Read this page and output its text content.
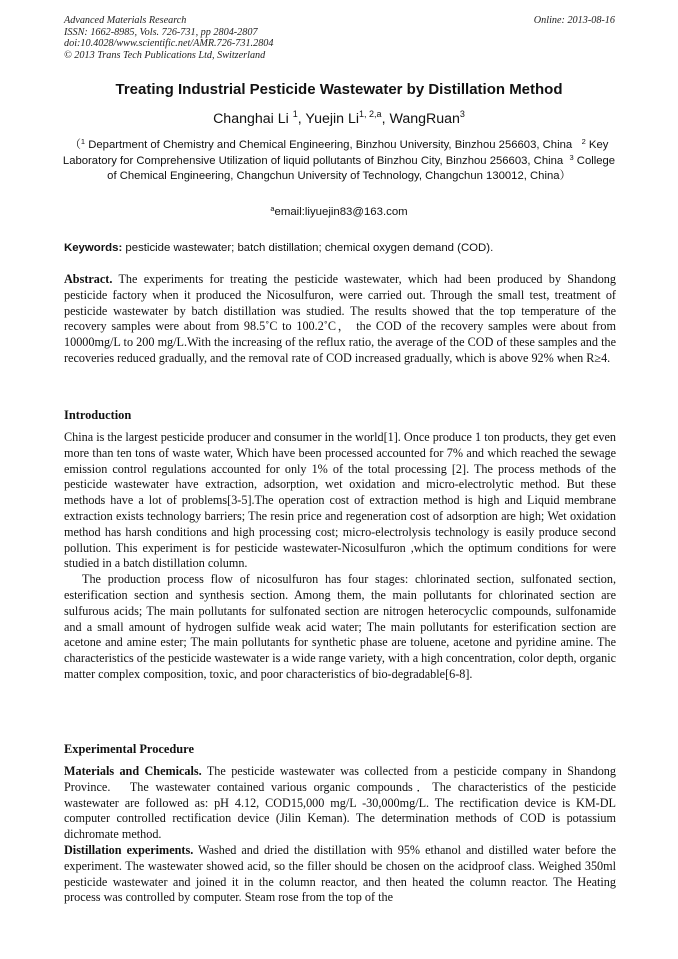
Advanced Materials Research
ISSN: 1662-8985, Vols. 726-731, pp 2804-2807
doi:10.4028/www.scientific.net/AMR.726-731.2804
© 2013 Trans Tech Publications Ltd, Switzerland
Online: 2013-08-16
Treating Industrial Pesticide Wastewater by Distillation Method
Changhai Li $^1$, Yuejin Li$^{1, 2,a}$, WangRuan$^3$
（$^1$ Department of Chemistry and Chemical Engineering, Binzhou University, Binzhou 256603, China $^2$ Key Laboratory for Comprehensive Utilization of liquid pollutants of Binzhou City, Binzhou 256603, China $^3$ College of Chemical Engineering, Changchun University of Technology, Changchun 130012, China）
$^a$email:liyuejin83@163.com
Keywords: pesticide wastewater; batch distillation; chemical oxygen demand (COD).
Abstract. The experiments for treating the pesticide wastewater, which had been produced by Shandong pesticide factory when it produced the Nicosulfuron, were carried out. Through the small test, treatment of pesticide wastewater by batch distillation was studied. The results showed that the top temperature of the recovery samples were about from 98.5˚C to 100.2˚C， the COD of the recovery samples were about from 10000mg/L to 200 mg/L.With the increasing of the reflux ratio, the average of the COD of these samples and the recoveries reduced gradually, and the removal rate of COD increased gradually, which is above 92% when R≥4.
Introduction

China is the largest pesticide producer and consumer in the world[1]. Once produce 1 ton products, they get even more than ten tons of waste water, Which have been processed accounted for 7% and which reached the sewage emission control regulations accounted for only 1% of the total processing [2]. The process methods of the pesticide wastewater have extraction, adsorption, wet oxidation and micro-electrolytic method. But these methods have a lot of problems[3-5].The operation cost of extraction method is high and Liquid membrane extraction exists technology barriers; The resin price and regeneration cost of adsorption are high; Wet oxidation method has harsh conditions and high processing cost; micro-electrolysis technology is easily produce second pollution. This experiment is for pesticide wastewater-Nicosulfuron ,which the optimum conditions for were studied in a batch distillation column.

The production process flow of nicosulfuron has four stages: chlorinated section, sulfonated section, esterification section and synthesis section. Among them, the main pollutants for chlorinated section are sulfurous acids; The main pollutants for sulfonated section are nitrogen heterocyclic compounds, sulfonamide and a small amount of hydrogen sulfide weak acid water; The main pollutants for esterification section are acetone and amine ester; The main pollutants for synthetic phase are toluene, acetone and pyridine amine. The characteristics of the pesticide wastewater is a wide range variety, with a high concentration, color depth, organic matter complex composition, toxic, and poor characteristics of bio-degradable[6-8].

Experimental Procedure

Materials and Chemicals. The pesticide wastewater was collected from a pesticide company in Shandong Province.　The wastewater contained various organic compounds．The characteristics of the pesticide wastewater are followed as: pH 4.12, COD15,000 mg/L -30,000mg/L. The rectification device is KM-DL computer controlled rectification device (Jilin Keman). The determination methods of COD is potassium dichromate method.

Distillation experiments. Washed and dried the distillation with 95% ethanol and distilled water before the experiment. The wastewater showed acid, so the filler should be chosen on the acidproof class. Weighed 350ml pesticide wastewater and joined it in the column reactor, and then heated the column reactor. The Heating process was controlled by computer. Steam rose from the top of the
